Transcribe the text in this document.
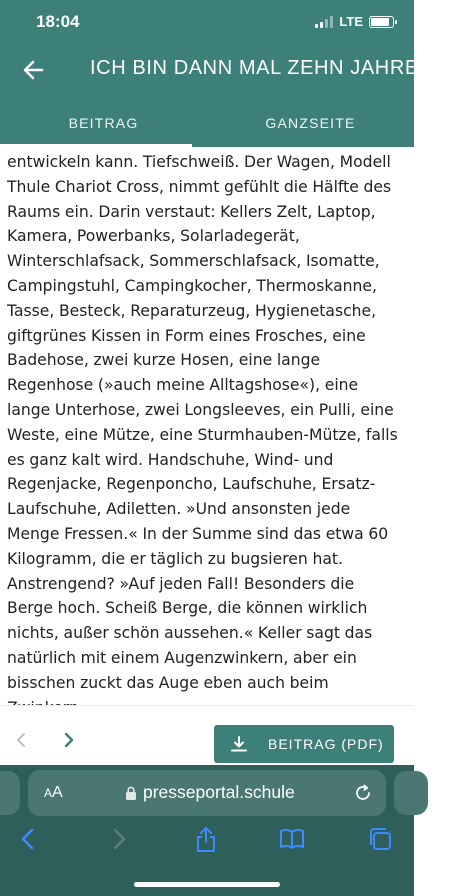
18:04	LTE
ICH BIN DANN MAL ZEHN JAHRE WEG
BEITRAG	GANZSEITE

entwickeln kann. Tiefschweiß. Der Wagen, Modell Thule Chariot Cross, nimmt gefühlt die Hälfte des Raums ein. Darin verstaut: Kellers Zelt, Laptop, Kamera, Powerbanks, Solarladegerät, Winterschlafsack, Sommerschlafsack, Isomatte, Campingstuhl, Campingkocher, Thermoskanne, Tasse, Besteck, Reparaturzeug, Hygienetasche, giftgrünes Kissen in Form eines Frosches, eine Badehose, zwei kurze Hosen, eine lange Regenhose (»auch meine Alltagshose«), eine lange Unterhose, zwei Longsleeves, ein Pulli, eine Weste, eine Mütze, eine Sturmhauben-Mütze, falls es ganz kalt wird. Handschuhe, Wind- und Regenjacke, Regenponcho, Laufschuhe, Ersatz-Laufschuhe, Adiletten. »Und ansonsten jede Menge Fressen.« In der Summe sind das etwa 60 Kilogramm, die er täglich zu bugsieren hat. Anstrengend? »Auf jeden Fall! Besonders die Berge hoch. Scheiß Berge, die können wirklich nichts, außer schön aussehen.« Keller sagt das natürlich mit einem Augenzwinkern, aber ein bisschen zuckt das Auge eben auch beim

BEITRAG (PDF)
AA	presseportal.schule
